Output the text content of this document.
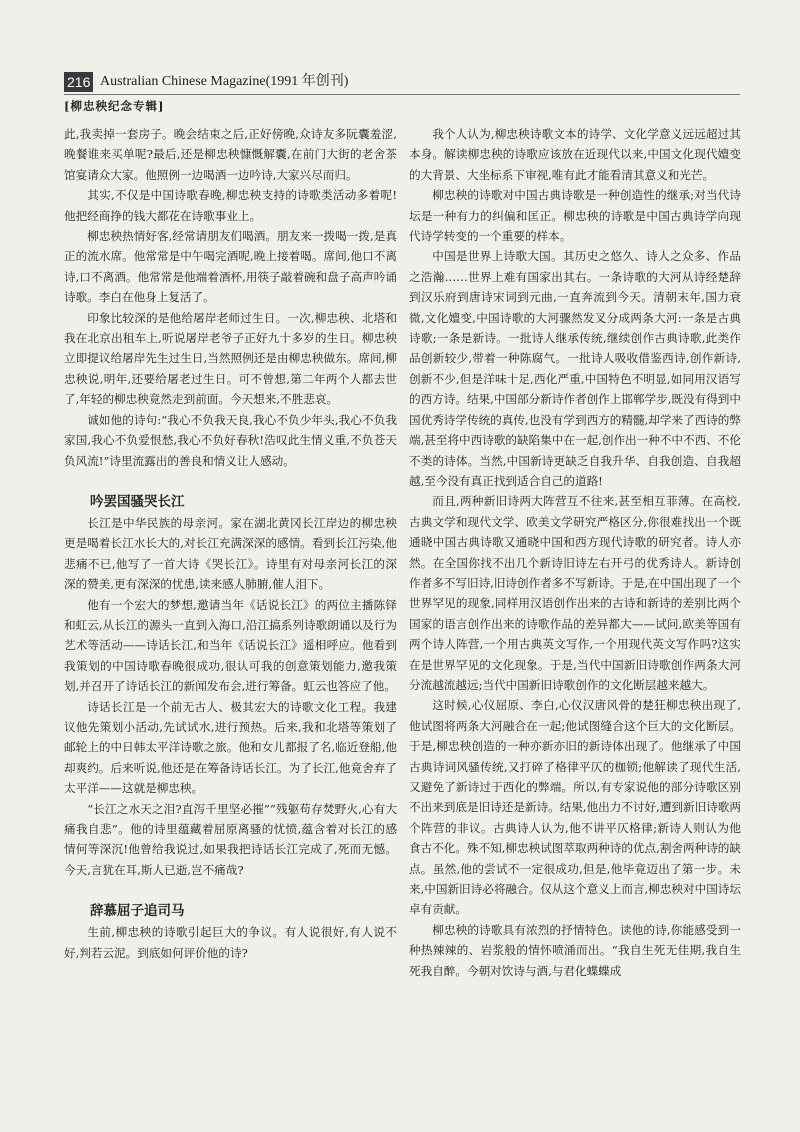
216 Australian Chinese Magazine(1991 年创刊)
[柳忠秧纪念专辑]

此,我卖掉一套房子。晚会结束之后,正好傍晚,众诗友多阮囊羞涩,晚餐谁来买单呢?最后,还是柳忠秧慷慨解囊,在前门大街的老舍茶馆宴请众大家。他照例一边喝酒一边吟诗,大家兴尽而归。

其实,不仅是中国诗歌春晚,柳忠秧支持的诗歌类活动多着呢!他把经商挣的钱大都花在诗歌事业上。

柳忠秧热情好客,经常请朋友们喝酒。朋友来一拨喝一拨,是真正的流水席。他常常是中午喝完酒呢,晚上接着喝。席间,他口不离诗,口不离酒。他常常是他端着酒杯,用筷子敲着碗和盘子高声吟诵诗歌。李白在他身上复活了。

印象比较深的是他给屠岸老师过生日。一次,柳忠秧、北塔和我在北京出租车上,听说屠岸老爷子正好九十多岁的生日。柳忠秧立即提议给屠岸先生过生日,当然照例还是由柳忠秧做东。席间,柳忠秧说,明年,还要给屠老过生日。可不曾想,第二年两个人都去世了,年轻的柳忠秧竟然走到前面。今天想来,不胜悲哀。

诚如他的诗句:“我心不负我天良,我心不负少年头,我心不负我家国,我心不负爱恨愁,我心不负好春秋!浩叹此生情义重,不负苍天负风流!”诗里流露出的善良和情义让人感动。

吟罢国骚哭长江

长江是中华民族的母亲河。家在湖北黄冈长江岸边的柳忠秧更是喝着长江水长大的,对长江充满深深的感情。看到长江污染,他悲痛不已,他写了一首大诗《哭长江》。诗里有对母亲河长江的深深的赞美,更有深深的忧患,读来感人肺腑,催人泪下。

他有一个宏大的梦想,邀请当年《话说长江》的两位主播陈铎和虹云,从长江的源头一直到入海口,沿江搞系列诗歌朗诵以及行为艺术等活动——诗话长江,和当年《话说长江》遥相呼应。他看到我策划的中国诗歌春晚很成功,很认可我的创意策划能力,邀我策划,并召开了诗话长江的新闻发布会,进行筹备。虹云也答应了他。

诗话长江是一个前无古人、极其宏大的诗歌文化工程。我建议他先策划小活动,先试试水,进行预热。后来,我和北塔等策划了邮轮上的中日韩太平洋诗歌之旅。他和女儿都报了名,临近登船,他却爽约。后来听说,他还是在筹备诗话长江。为了长江,他竟舍弃了太平洋——这就是柳忠秧。

“长江之水天之泪?直泻千里坚必摧”“残躯苟存焚野火,心有大痛我自悲”。他的诗里蕴藏着屈原离骚的忧愤,蕴含着对长江的感情何等深沉!他曾给我说过,如果我把诗话长江完成了,死而无憾。今天,言犹在耳,斯人已逝,岂不痛哉?

辞慕屈子追司马

生前,柳忠秧的诗歌引起巨大的争议。有人说很好,有人说不好,判若云泥。到底如何评价他的诗?

我个人认为,柳忠秧诗歌文本的诗学、文化学意义远远超过其本身。解读柳忠秧的诗歌应该放在近现代以来,中国文化现代嬗变的大背景、大坐标系下审视,唯有此才能看清其意义和光芒。

柳忠秧的诗歌对中国古典诗歌是一种创造性的继承;对当代诗坛是一种有力的纠偏和匡正。柳忠秧的诗歌是中国古典诗学向现代诗学转变的一个重要的样本。

中国是世界上诗歌大国。其历史之悠久、诗人之众多、作品之浩瀚……世界上难有国家出其右。一条诗歌的大河从诗经楚辞到汉乐府到唐诗宋词到元曲,一直奔流到今天。清朝末年,国力衰微,文化嬗变,中国诗歌的大河骤然发叉分成两条大河:一条是古典诗歌;一条是新诗。一批诗人继承传统,继续创作古典诗歌,此类作品创新较少,带着一种陈腐气。一批诗人吸收借鉴西诗,创作新诗,创新不少,但是洋味十足,西化严重,中国特色不明显,如同用汉语写的西方诗。结果,中国部分新诗作者创作上邯郸学步,既没有得到中国优秀诗学传统的真传,也没有学到西方的精髓,却学来了西诗的弊端,甚至将中西诗歌的缺陷集中在一起,创作出一种不中不西、不伦不类的诗体。当然,中国新诗更缺乏自我升华、自我创造、自我超越,至今没有真正找到适合自己的道路!

而且,两种新旧诗两大阵营互不往来,甚至相互菲薄。在高校,古典文学和现代文学、欧美文学研究严格区分,你很难找出一个既通晓中国古典诗歌又通晓中国和西方现代诗歌的研究者。诗人亦然。在全国你找不出几个新诗旧诗左右开弓的优秀诗人。新诗创作者多不写旧诗,旧诗创作者多不写新诗。于是,在中国出现了一个世界罕见的现象,同样用汉语创作出来的古诗和新诗的差别比两个国家的语言创作出来的诗歌作品的差异都大——试问,欧美等国有两个诗人阵营,一个用古典英文写作,一个用现代英文写作吗?这实在是世界罕见的文化现象。于是,当代中国新旧诗歌创作两条大河分流越流越远;当代中国新旧诗歌创作的文化断层越来越大。

这时候,心仪屈原、李白,心仪汉唐风骨的楚狂柳忠秧出现了,他试图将两条大河融合在一起;他试图缝合这个巨大的文化断层。于是,柳忠秧创造的一种亦新亦旧的新诗体出现了。他继承了中国古典诗词风骚传统,又打碎了格律平仄的枷锁;他解读了现代生活,又避免了新诗过于西化的弊端。所以,有专家说他的部分诗歌区别不出来到底是旧诗还是新诗。结果,他出力不讨好,遭到新旧诗歌两个阵营的非议。古典诗人认为,他不讲平仄格律;新诗人则认为他食古不化。殊不知,柳忠秧试图萃取两种诗的优点,割舍两种诗的缺点。虽然,他的尝试不一定很成功,但是,他毕竟迈出了第一步。未来,中国新旧诗必将融合。仅从这个意义上而言,柳忠秧对中国诗坛卓有贡献。

柳忠秧的诗歌具有浓烈的抒情特色。读他的诗,你能感受到一种热辣辣的、岩浆般的情怀喷涌而出。“我自生死无佳期,我自生死我自醉。今朝对饮诗与酒,与君化蝶蝶成
